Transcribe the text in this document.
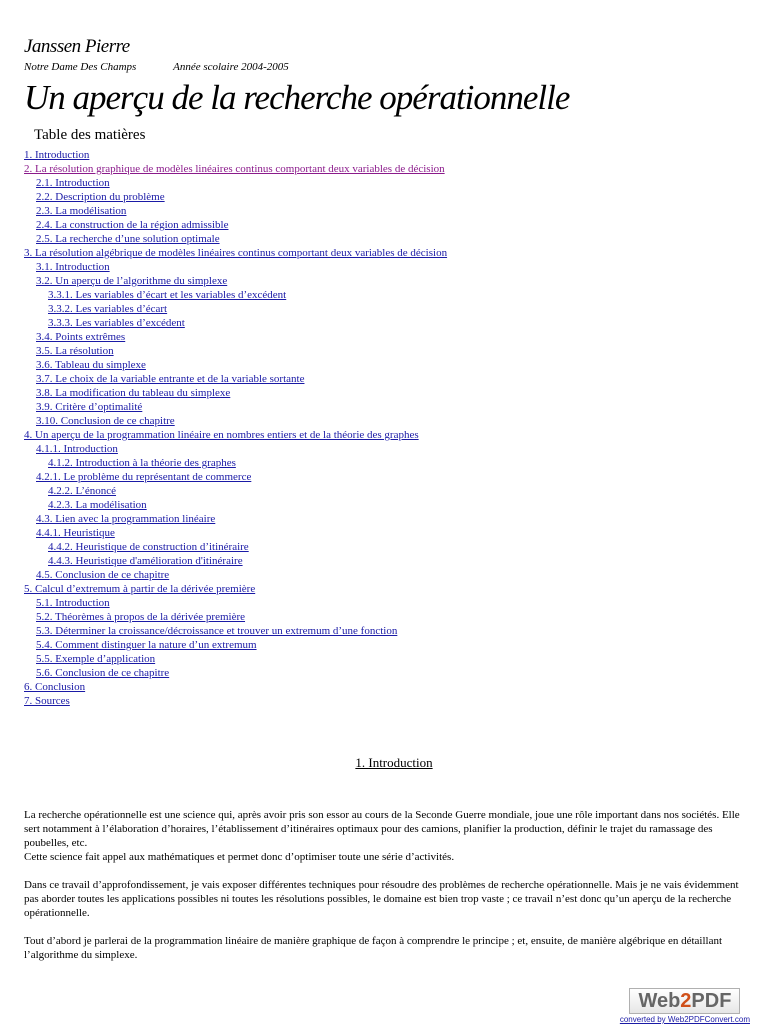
Janssen Pierre
Notre Dame Des Champs	Année scolaire 2004-2005
Un aperçu de la recherche opérationnelle
Table des matières
1. Introduction
2. La résolution graphique de modèles linéaires continus comportant deux variables de décision
2.1. Introduction
2.2. Description du problème
2.3. La modélisation
2.4. La construction de la région admissible
2.5. La recherche d’une solution optimale
3. La résolution algébrique de modèles linéaires continus comportant deux variables de décision
3.1. Introduction
3.2. Un aperçu de l’algorithme du simplexe
3.3.1. Les variables d’écart et les variables d’excédent
3.3.2. Les variables d’écart
3.3.3. Les variables d’excédent
3.4. Points extrêmes
3.5. La résolution
3.6. Tableau du simplexe
3.7. Le choix de la variable entrante et de la variable sortante
3.8. La modification du tableau du simplexe
3.9. Critère d’optimalité
3.10. Conclusion de ce chapitre
4. Un aperçu de la programmation linéaire en nombres entiers et de la théorie des graphes
4.1.1. Introduction
4.1.2. Introduction à la théorie des graphes
4.2.1. Le problème du représentant de commerce
4.2.2. L’énoncé
4.2.3. La modélisation
4.3. Lien avec la programmation linéaire
4.4.1. Heuristique
4.4.2. Heuristique de construction d’itinéraire
4.4.3. Heuristique d'amélioration d'itinéraire
4.5. Conclusion de ce chapitre
5. Calcul d’extremum à partir de la dérivée première
5.1. Introduction
5.2. Théorèmes à propos de la dérivée première
5.3. Déterminer la croissance/décroissance et trouver un extremum d’une fonction
5.4. Comment distinguer la nature d’un extremum
5.5. Exemple d’application
5.6. Conclusion de ce chapitre
6. Conclusion
7. Sources
1. Introduction

La recherche opérationnelle est une science qui, après avoir pris son essor au cours de la Seconde Guerre mondiale, joue une rôle important dans nos sociétés. Elle sert notamment à l’élaboration d’horaires, l’établissement d’itinéraires optimaux pour des camions, planifier la production, définir le trajet du ramassage des poubelles, etc.
Cette science fait appel aux mathématiques et permet donc d’optimiser toute une série d’activités.

Dans ce travail d’approfondissement, je vais exposer différentes techniques pour résoudre des problèmes de recherche opérationnelle. Mais je ne vais évidemment pas aborder toutes les applications possibles ni toutes les résolutions possibles, le domaine est bien trop vaste ; ce travail n’est donc qu’un aperçu de la recherche opérationnelle.

Tout d’abord je parlerai de la programmation linéaire de manière graphique de façon à comprendre le principe ; et, ensuite, de manière algébrique en détaillant l’algorithme du simplexe.

Web2PDF
converted by Web2PDFConvert.com
